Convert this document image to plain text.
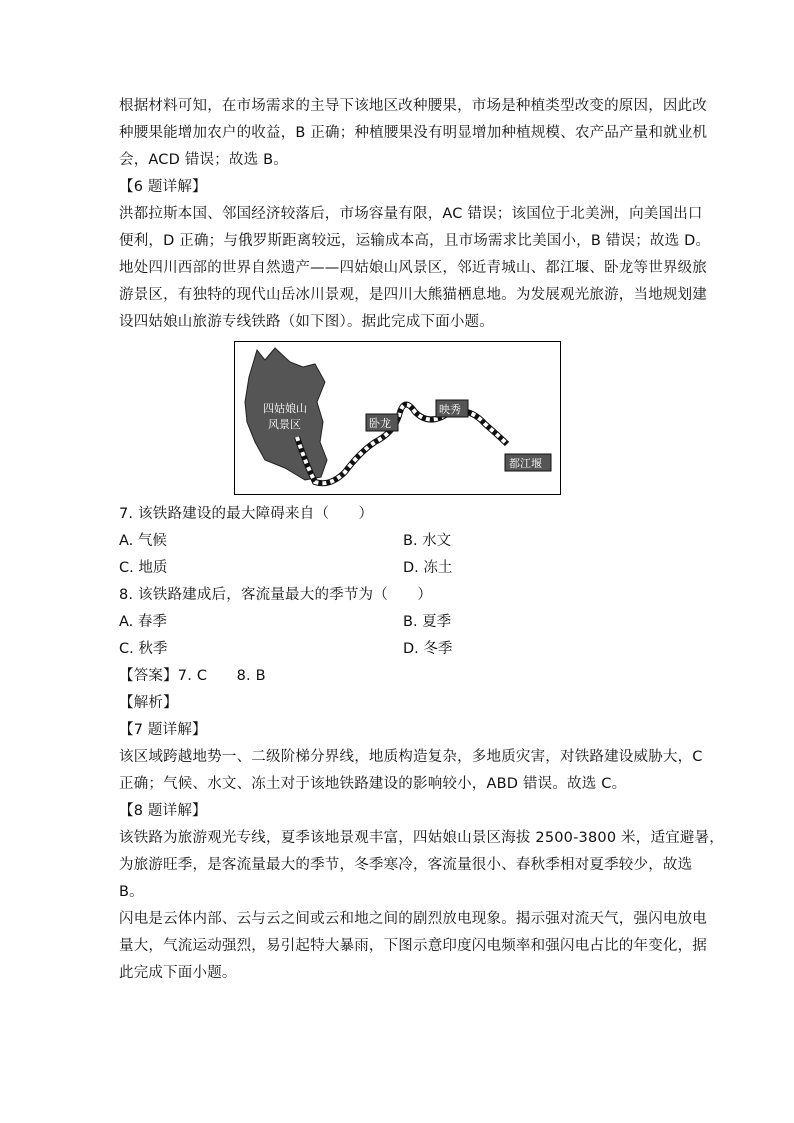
根据材料可知，在市场需求的主导下该地区改种腰果，市场是种植类型改变的原因，因此改
种腰果能增加农户的收益，B 正确；种植腰果没有明显增加种植规模、农产品产量和就业机
会，ACD 错误；故选 B。
【6 题详解】
洪都拉斯本国、邻国经济较落后，市场容量有限，AC 错误；该国位于北美洲，向美国出口
便利，D 正确；与俄罗斯距离较远，运输成本高，且市场需求比美国小，B 错误；故选 D。
地处四川西部的世界自然遗产——四姑娘山风景区，邻近青城山、都江堰、卧龙等世界级旅
游景区，有独特的现代山岳冰川景观，是四川大熊猫栖息地。为发展观光旅游，当地规划建
设四姑娘山旅游专线铁路（如下图）。据此完成下面小题。
四姑娘山
风景区	卧龙
映秀
都江堰
7. 该铁路建设的最大障碍来自（　　）
A. 气候	B. 水文
C. 地质	D. 冻土
8. 该铁路建成后，客流量最大的季节为（　　）
A. 春季	B. 夏季
C. 秋季	D. 冬季
【答案】7. C　　8. B
【解析】
【7 题详解】
该区域跨越地势一、二级阶梯分界线，地质构造复杂，多地质灾害，对铁路建设威胁大，C
正确；气候、水文、冻土对于该地铁路建设的影响较小，ABD 错误。故选 C。
【8 题详解】
该铁路为旅游观光专线，夏季该地景观丰富，四姑娘山景区海拔 2500-3800 米，适宜避暑，
为旅游旺季，是客流量最大的季节，冬季寒冷，客流量很小、春秋季相对夏季较少，故选
B。
闪电是云体内部、云与云之间或云和地之间的剧烈放电现象。揭示强对流天气，强闪电放电
量大，气流运动强烈，易引起特大暴雨，下图示意印度闪电频率和强闪电占比的年变化，据
此完成下面小题。
